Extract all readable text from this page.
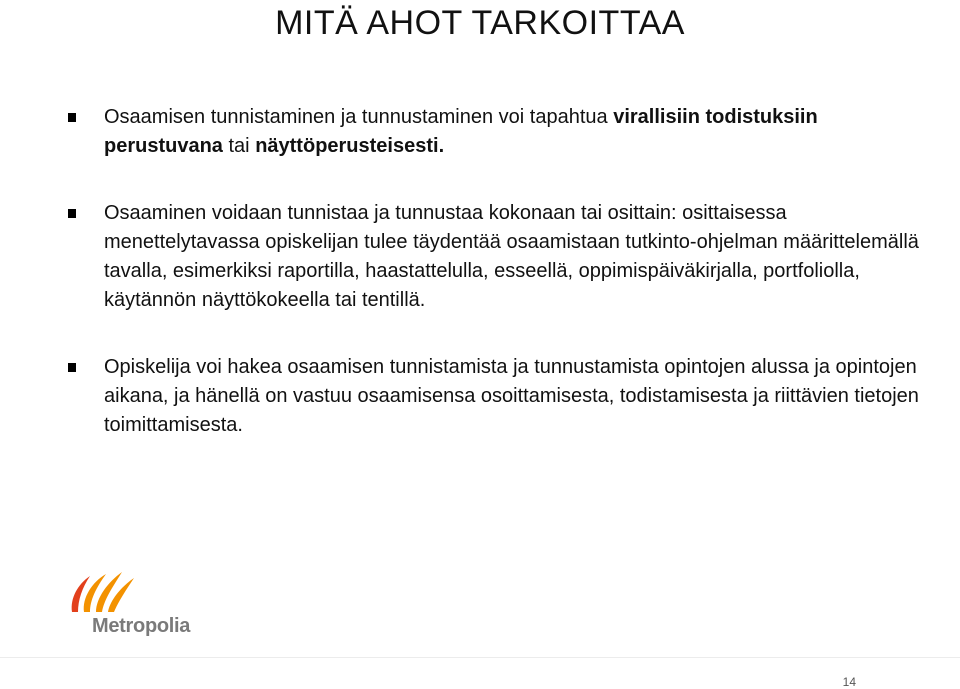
MITÄ AHOT TARKOITTAA
Osaamisen tunnistaminen ja tunnustaminen voi tapahtua virallisiin todistuksiin perustuvana tai näyttöperusteisesti.
Osaaminen voidaan tunnistaa ja tunnustaa kokonaan tai osittain: osittaisessa menettelytavassa opiskelijan tulee täydentää osaamistaan tutkinto-ohjelman määrittelemällä tavalla, esimerkiksi raportilla, haastattelulla, esseellä, oppimispäiväkirjalla, portfoliolla, käytännön näyttökokeella tai tentillä.
Opiskelija voi hakea osaamisen tunnistamista ja tunnustamista opintojen alussa ja opintojen aikana, ja hänellä on vastuu osaamisensa osoittamisesta, todistamisesta ja riittävien tietojen toimittamisesta.
Metropolia
14
